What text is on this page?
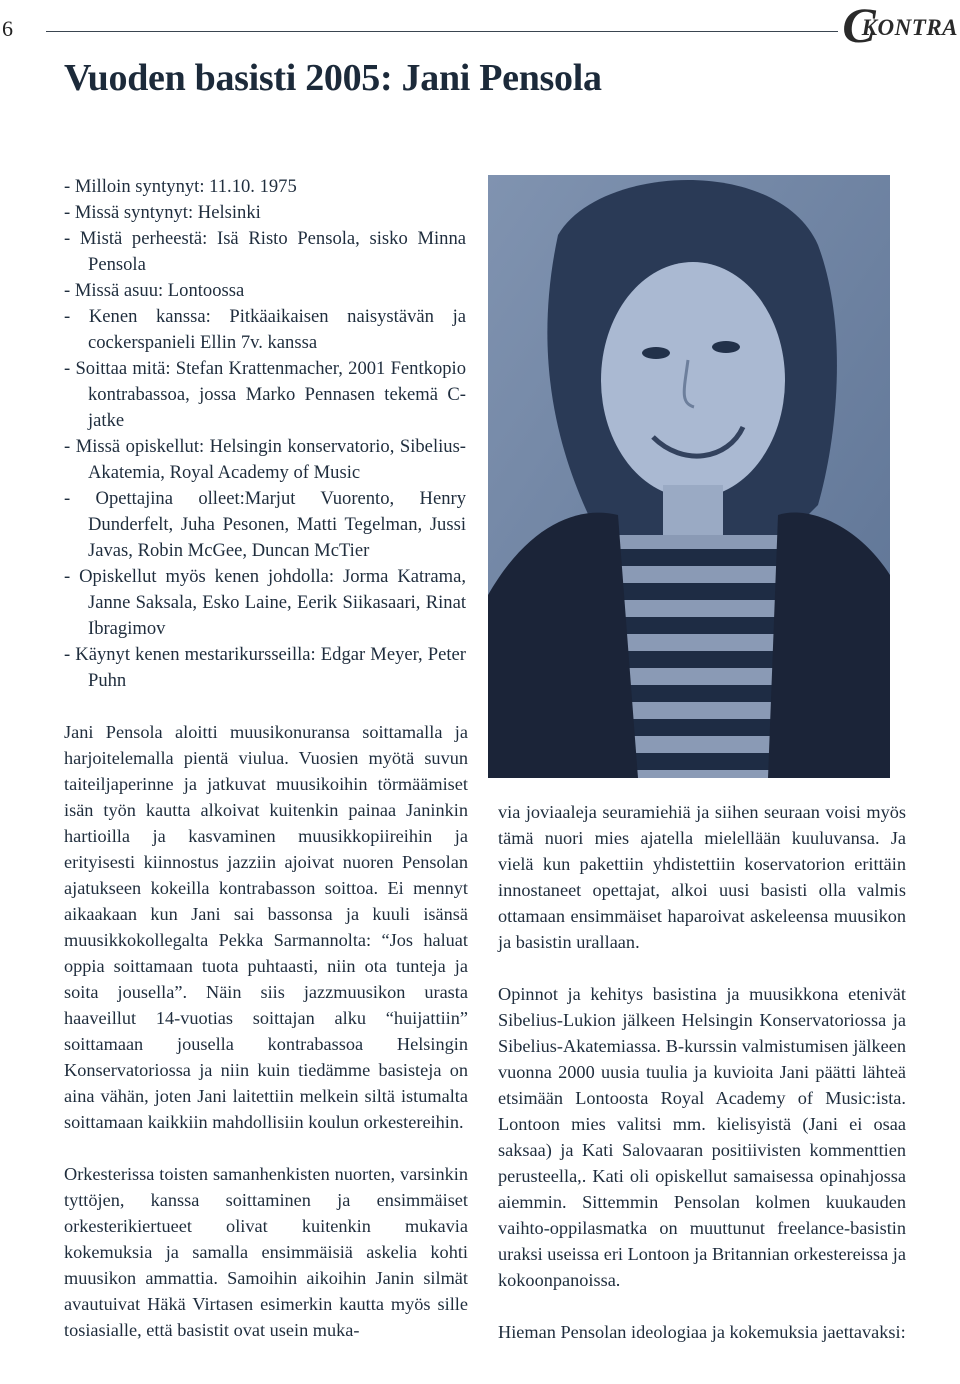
6	C
KONTRA
Vuoden basisti 2005: Jani Pensola
- Milloin syntynyt: 11.10. 1975
- Missä syntynyt: Helsinki
- Mistä perheestä: Isä Risto Pensola, sisko Minna Pensola
- Missä asuu: Lontoossa
- Kenen kanssa: Pitkäaikaisen naisystävän ja cockerspanieli Ellin 7v. kanssa
- Soittaa mitä: Stefan Krattenmacher, 2001 Fentkopio kontrabassoa, jossa Marko Pennasen tekemä C-jatke
- Missä opiskellut: Helsingin konservatorio, Sibelius-Akatemia, Royal Academy of Music
- Opettajina olleet:Marjut Vuorento, Henry Dunderfelt, Juha Pesonen, Matti Tegelman, Jussi Javas, Robin McGee, Duncan McTier
- Opiskellut myös kenen johdolla: Jorma Katrama, Janne Saksala, Esko Laine, Eerik Siikasaari, Rinat Ibragimov
- Käynyt kenen mestarikursseilla: Edgar Meyer, Peter Puhn

Jani Pensola aloitti muusikonuransa soittamalla ja harjoitelemalla pientä viulua. Vuosien myötä suvun taiteiljaperinne ja jatkuvat muusikoihin törmäämiset isän työn kautta alkoivat kuitenkin painaa Janinkin hartioilla ja kasvaminen muusikkopiireihin ja erityisesti kiinnostus jazziin ajoivat nuoren Pensolan ajatukseen kokeilla kontrabasson soittoa. Ei mennyt aikaakaan kun Jani sai bassonsa ja kuuli isänsä muusikkokollegalta Pekka Sarmannolta: “Jos haluat oppia soittamaan tuota puhtaasti, niin ota tunteja ja soita jousella”. Näin siis jazzmuusikon urasta haaveillut 14-vuotias soittajan alku “huijattiin” soittamaan jousella kontrabassoa Helsingin Konservatoriossa ja niin kuin tiedämme basisteja on aina vähän, joten Jani laitettiin melkein siltä istumalta soittamaan kaikkiin mahdollisiin koulun orkestereihin.

Orkesterissa toisten samanhenkisten nuorten, varsinkin tyttöjen, kanssa soittaminen ja ensimmäiset orkesterikiertueet olivat kuitenkin mukavia kokemuksia ja samalla ensimmäisiä askelia kohti muusikon ammattia. Samoihin aikoihin Janin silmät avautuivat Häkä Virtasen esimerkin kautta myös sille tosiasialle, että basistit ovat usein muka-

via joviaaleja seuramiehiä ja siihen seuraan voisi myös tämä nuori mies ajatella mielellään kuuluvansa. Ja vielä kun pakettiin yhdistettiin koservatorion erittäin innostaneet opettajat, alkoi uusi basisti olla valmis ottamaan ensimmäiset haparoivat askeleensa muusikon ja basistin urallaan.

Opinnot ja kehitys basistina ja muusikkona etenivät Sibelius-Lukion jälkeen Helsingin Konservatoriossa ja Sibelius-Akatemiassa. B-kurssin valmistumisen jälkeen vuonna 2000 uusia tuulia ja kuvioita Jani päätti lähteä etsimään Lontoosta Royal Academy of Music:ista. Lontoon mies valitsi mm. kielisyistä (Jani ei osaa saksaa) ja Kati Salovaaran positiivisten kommenttien perusteella,. Kati oli opiskellut samaisessa opinahjossa aiemmin. Sittemmin Pensolan kolmen kuukauden vaihto-oppilasmatka on muuttunut freelance-basistin uraksi useissa eri Lontoon ja Britannian orkestereissa ja kokoonpanoissa.

Hieman Pensolan ideologiaa ja kokemuksia jaettavaksi:
